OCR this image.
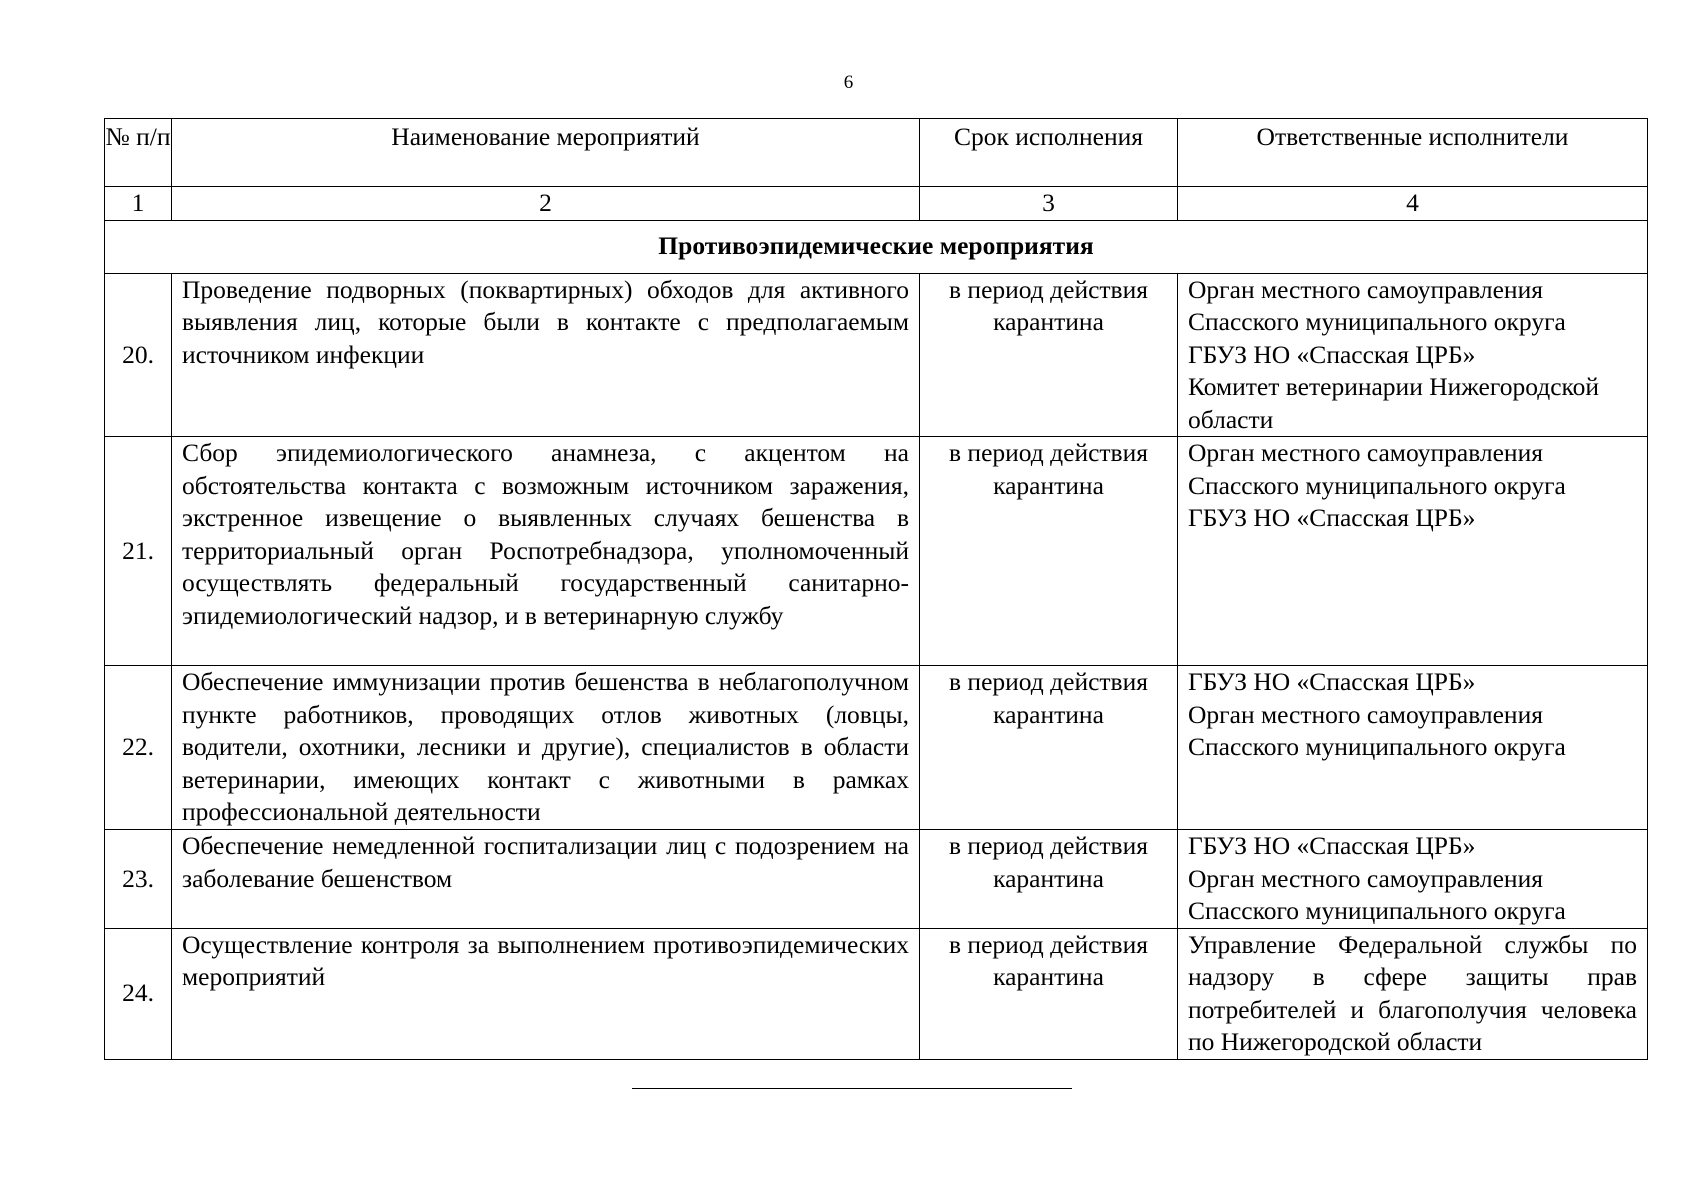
6
№ п/п	Наименование мероприятий	Срок исполнения	Ответственные исполнители
1	2	3	4
Противоэпидемические мероприятия			
20.	Проведение подворных (поквартирных) обходов для активного выявления лиц, которые были в контакте с предполагаемым источником инфекции	в период действия карантина	Орган местного самоуправления Спасского муниципального округа
ГБУЗ НО «Спасская ЦРБ»
Комитет ветеринарии Нижегородской области

21.	Сбор эпидемиологического анамнеза, с акцентом на обстоятельства контакта с возможным источником заражения, экстренное извещение о выявленных случаях бешенства в территориальный орган Роспотребнадзора, уполномоченный осуществлять федеральный государственный санитарно-эпидемиологический надзор, и в ветеринарную службу	в период действия карантина	Орган местного самоуправления Спасского муниципального округа
ГБУЗ НО «Спасская ЦРБ»

22.	Обеспечение иммунизации против бешенства в неблагополучном пункте работников, проводящих отлов животных (ловцы, водители, охотники, лесники и другие), специалистов в области ветеринарии, имеющих контакт с животными в рамках профессиональной деятельности	в период действия карантина	ГБУЗ НО «Спасская ЦРБ»
Орган местного самоуправления Спасского муниципального округа

23.	Обеспечение немедленной госпитализации лиц с подозрением на заболевание бешенством	в период действия карантина	ГБУЗ НО «Спасская ЦРБ»
Орган местного самоуправления Спасского муниципального округа

24.	Осуществление контроля за выполнением противоэпидемических мероприятий	в период действия карантина	Управление Федеральной службы по надзору в сфере защиты прав потребителей и благополучия человека по Нижегородской области
